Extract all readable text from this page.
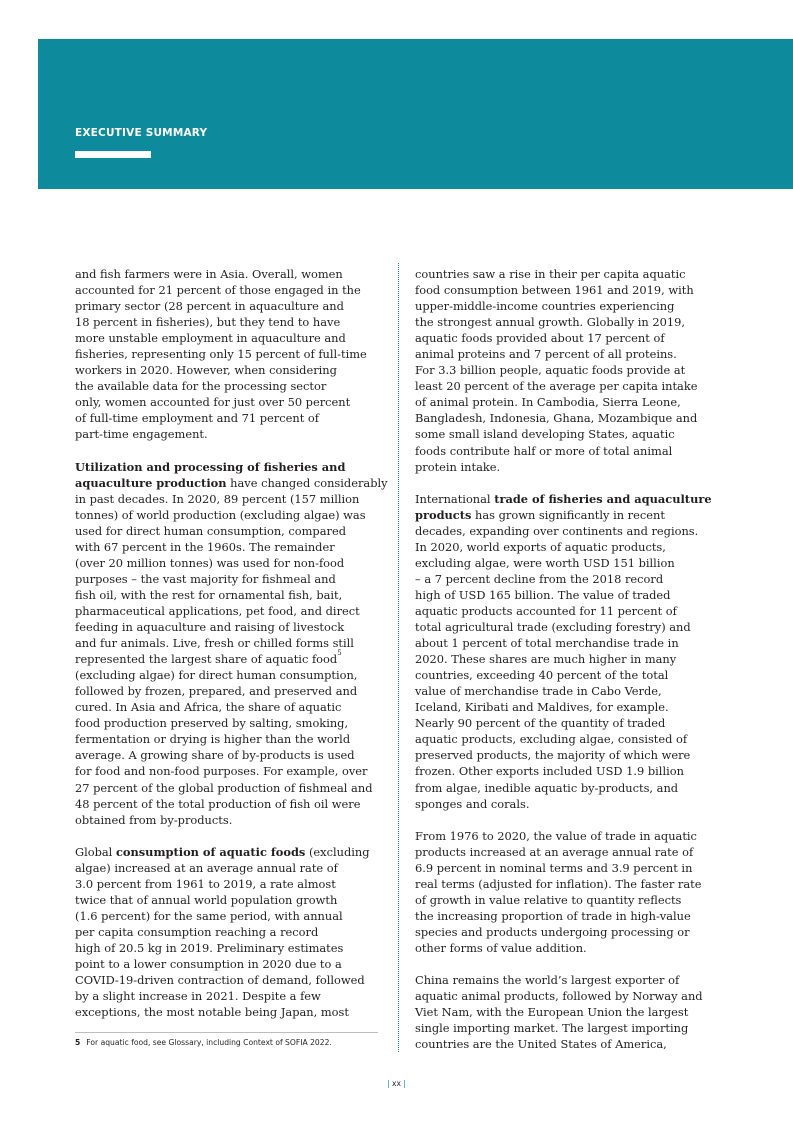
EXECUTIVE SUMMARY

and fish farmers were in Asia. Overall, women
accounted for 21 percent of those engaged in the
primary sector (28 percent in aquaculture and
18 percent in fisheries), but they tend to have
more unstable employment in aquaculture and
fisheries, representing only 15 percent of full-time
workers in 2020. However, when considering
the available data for the processing sector
only, women accounted for just over 50 percent
of full-time employment and 71 percent of
part-time engagement.

Utilization and processing of fisheries and
aquaculture production have changed considerably
in past decades. In 2020, 89 percent (157 million
tonnes) of world production (excluding algae) was
used for direct human consumption, compared
with 67 percent in the 1960s. The remainder
(over 20 million tonnes) was used for non-food
purposes – the vast majority for fishmeal and
fish oil, with the rest for ornamental fish, bait,
pharmaceutical applications, pet food, and direct
feeding in aquaculture and raising of livestock
and fur animals. Live, fresh or chilled forms still
represented the largest share of aquatic food$^5$
(excluding algae) for direct human consumption,
followed by frozen, prepared, and preserved and
cured. In Asia and Africa, the share of aquatic
food production preserved by salting, smoking,
fermentation or drying is higher than the world
average. A growing share of by-products is used
for food and non-food purposes. For example, over
27 percent of the global production of fishmeal and
48 percent of the total production of fish oil were
obtained from by-products.

Global consumption of aquatic foods (excluding
algae) increased at an average annual rate of
3.0 percent from 1961 to 2019, a rate almost
twice that of annual world population growth
(1.6 percent) for the same period, with annual
per capita consumption reaching a record
high of 20.5 kg in 2019. Preliminary estimates
point to a lower consumption in 2020 due to a
COVID-19-driven contraction of demand, followed
by a slight increase in 2021. Despite a few
exceptions, the most notable being Japan, most

countries saw a rise in their per capita aquatic
food consumption between 1961 and 2019, with
upper-middle-income countries experiencing
the strongest annual growth. Globally in 2019,
aquatic foods provided about 17 percent of
animal proteins and 7 percent of all proteins.
For 3.3 billion people, aquatic foods provide at
least 20 percent of the average per capita intake
of animal protein. In Cambodia, Sierra Leone,
Bangladesh, Indonesia, Ghana, Mozambique and
some small island developing States, aquatic
foods contribute half or more of total animal
protein intake.

International trade of fisheries and aquaculture
products has grown significantly in recent
decades, expanding over continents and regions.
In 2020, world exports of aquatic products,
excluding algae, were worth USD 151 billion
– a 7 percent decline from the 2018 record
high of USD 165 billion. The value of traded
aquatic products accounted for 11 percent of
total agricultural trade (excluding forestry) and
about 1 percent of total merchandise trade in
2020. These shares are much higher in many
countries, exceeding 40 percent of the total
value of merchandise trade in Cabo Verde,
Iceland, Kiribati and Maldives, for example.
Nearly 90 percent of the quantity of traded
aquatic products, excluding algae, consisted of
preserved products, the majority of which were
frozen. Other exports included USD 1.9 billion
from algae, inedible aquatic by-products, and
sponges and corals.

From 1976 to 2020, the value of trade in aquatic
products increased at an average annual rate of
6.9 percent in nominal terms and 3.9 percent in
real terms (adjusted for inflation). The faster rate
of growth in value relative to quantity reflects
the increasing proportion of trade in high-value
species and products undergoing processing or
other forms of value addition.

China remains the world’s largest exporter of
aquatic animal products, followed by Norway and
Viet Nam, with the European Union the largest
single importing market. The largest importing
countries are the United States of America,

5 For aquatic food, see Glossary, including Context of SOFIA 2022.
| xx |
